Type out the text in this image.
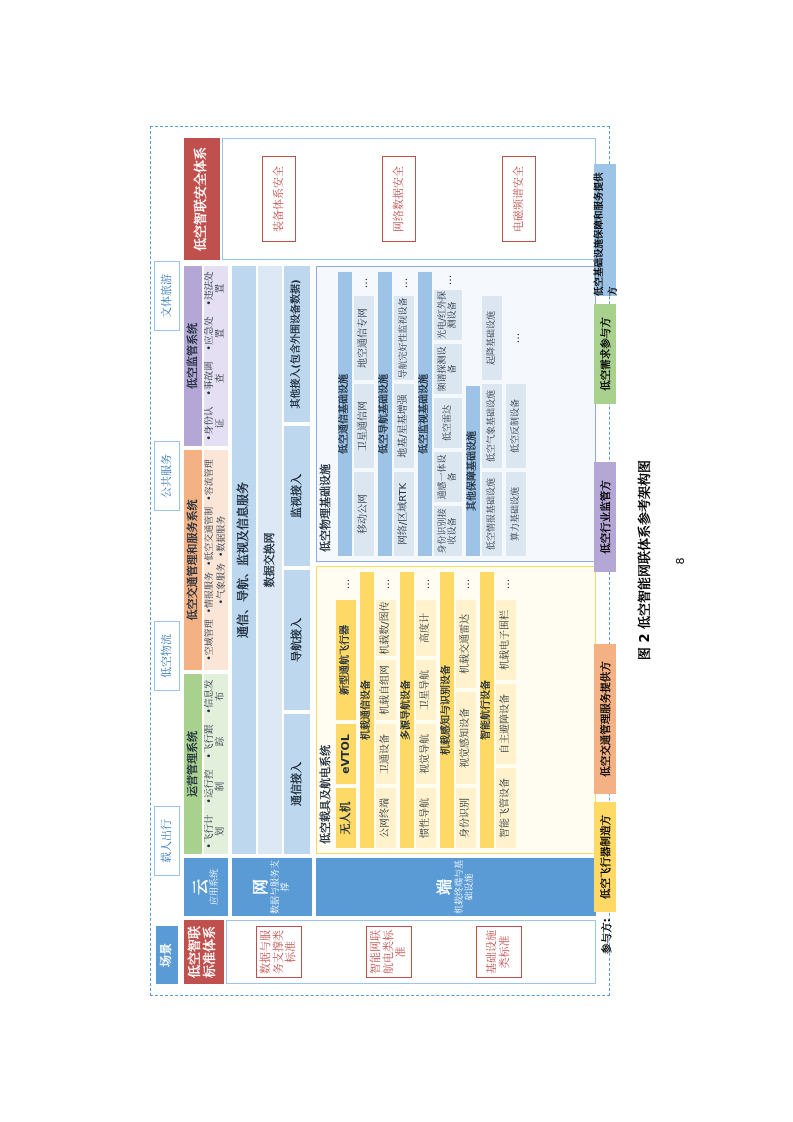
场景
载人出行
低空物流
公共服务
文体旅游
低空智联标准体系	数据与服务支撑类标准	智能网联航电类标准	基础设施类标准
云 应用系统 网 数据与服务支撑	端 机载终端与基础设施
运营管理系统
•飞行计划
•运行控制
•飞行跟踪
•信息发布
低空交通管理和服务系统
•空域管理
•情报服务
•低空交通管制
•容流管理
•气象服务
•数据服务
低空监管系统
•身份认证
•事故调查
•应急处置
•违法处置
通信、导航、监视及信息服务	数据交换网
通信接入
导航接入
监视接入
其他接入(包含外围设备数据)
低空载具及航电系统 无人机
eVTOL
新型通航飞行器
...
机载通信设备
公网终端
卫通设备
机载自组网
机载数/图传
...
多源导航设备
惯性导航
视觉导航
卫星导航
高度计
...
机载感知与识别设备
身份识别
视觉感知设备
机载交通雷达
...
智能航行设备
智能飞管设备
自主避障设备
机载电子围栏
...
低空物理基础设施
低空通信基础设施
移动公网
卫星通信网
地空通信专网
...
低空导航基础设施
网络/区域RTK
地基/星基增强
导航完好性监视设备
...
低空监视基础设施
身份识别接收设备
通感一体设备
低空雷达
频谱探测设备
光电/红外探测设备
...
其他保障基础设施
低空情报基础设施
低空气象基础设施
起降基础设施
算力基础设施
低空反制设备
...
低空智联安全体系	装备体系安全	网络数据安全	电磁频谱安全
参与方:
低空飞行器制造方
低空交通管理服务提供方
低空行业监管方
低空需求参与方
低空基础设施保障和服务提供方
图 2 低空智能网联体系参考架构图	8
